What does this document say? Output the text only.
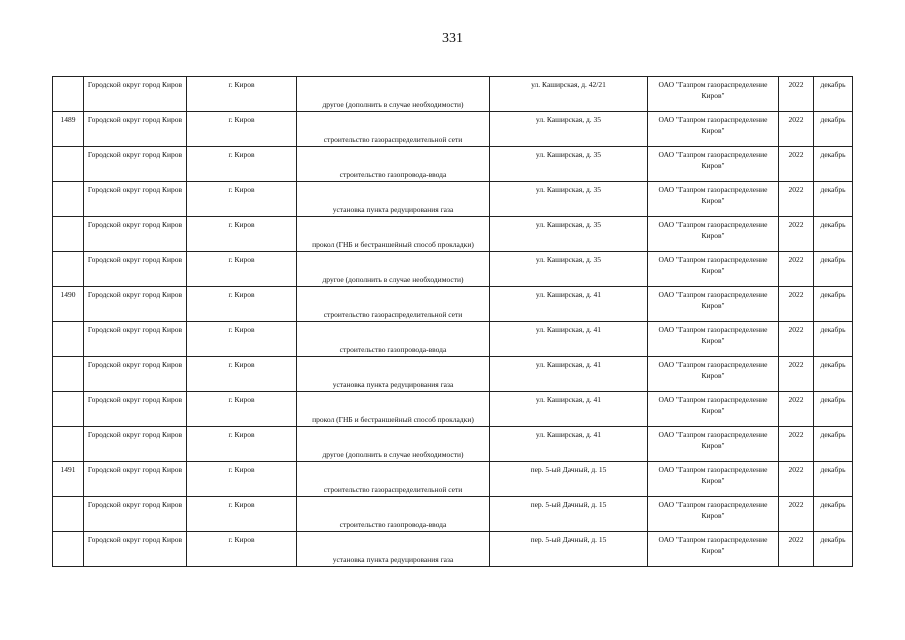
331
	Городской округ город Киров	г. Киров	другое (дополнить в случае необходимости)	ул. Каширская, д. 42/21	ОАО "Газпром газораспределение Киров"	2022	декабрь
1489	Городской округ город Киров	г. Киров	строительство газораспределительной сети	ул. Каширская, д. 35	ОАО "Газпром газораспределение Киров"	2022	декабрь
	Городской округ город Киров	г. Киров	строительство газопровода-ввода	ул. Каширская, д. 35	ОАО "Газпром газораспределение Киров"	2022	декабрь
	Городской округ город Киров	г. Киров	установка пункта редуцирования газа	ул. Каширская, д. 35	ОАО "Газпром газораспределение Киров"	2022	декабрь
	Городской округ город Киров	г. Киров	прокол (ГНБ и бестраншейный способ прокладки)	ул. Каширская, д. 35	ОАО "Газпром газораспределение Киров"	2022	декабрь
	Городской округ город Киров	г. Киров	другое (дополнить в случае необходимости)	ул. Каширская, д. 35	ОАО "Газпром газораспределение Киров"	2022	декабрь
1490	Городской округ город Киров	г. Киров	строительство газораспределительной сети	ул. Каширская, д. 41	ОАО "Газпром газораспределение Киров"	2022	декабрь
	Городской округ город Киров	г. Киров	строительство газопровода-ввода	ул. Каширская, д. 41	ОАО "Газпром газораспределение Киров"	2022	декабрь
	Городской округ город Киров	г. Киров	установка пункта редуцирования газа	ул. Каширская, д. 41	ОАО "Газпром газораспределение Киров"	2022	декабрь
	Городской округ город Киров	г. Киров	прокол (ГНБ и бестраншейный способ прокладки)	ул. Каширская, д. 41	ОАО "Газпром газораспределение Киров"	2022	декабрь
	Городской округ город Киров	г. Киров	другое (дополнить в случае необходимости)	ул. Каширская, д. 41	ОАО "Газпром газораспределение Киров"	2022	декабрь
1491	Городской округ город Киров	г. Киров	строительство газораспределительной сети	пер. 5-ый Дачный, д. 15	ОАО "Газпром газораспределение Киров"	2022	декабрь
	Городской округ город Киров	г. Киров	строительство газопровода-ввода	пер. 5-ый Дачный, д. 15	ОАО "Газпром газораспределение Киров"	2022	декабрь
	Городской округ город Киров	г. Киров	установка пункта редуцирования газа	пер. 5-ый Дачный, д. 15	ОАО "Газпром газораспределение Киров"	2022	декабрь
